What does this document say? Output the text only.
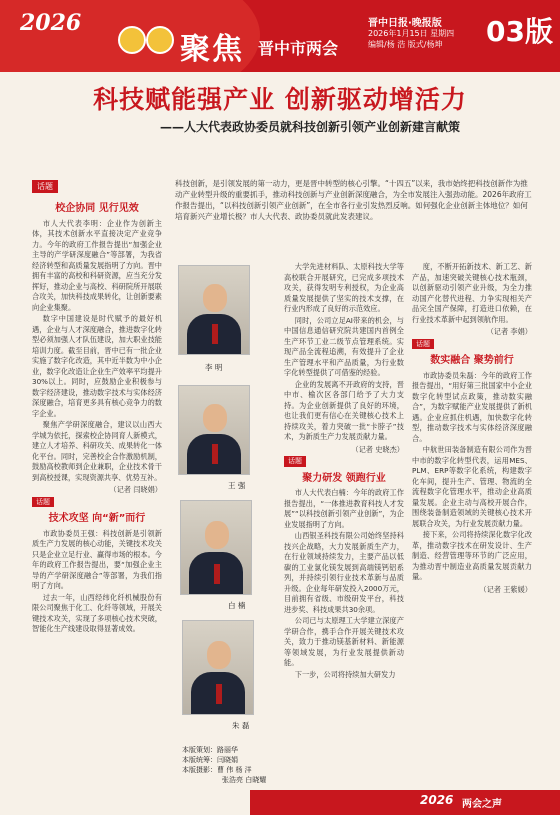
2026
聚焦 晋中市两会
晋中日报·晚报版
2026年1月15日 星期四
编辑/杨 浩 版式/杨坤	03版
科技赋能强产业 创新驱动增活力
——人大代表政协委员就科技创新引领产业创新建言献策
话题	科技创新，是引领发展的第一动力，更是晋中转型的核心引擎。“十四五”以来，我市始终把科技创新作为推动产业转型升级的重要抓手，推动科技创新与产业创新深度融合，为全市发展注入强劲动能。2026年政府工作报告提出，“以科技创新引领产业创新”，在全市各行业引发热烈反响。如何强化企业创新主体地位？如何培育新兴产业增长极？市人大代表、政协委员就此发表建议。
校企协同 见行见效

市人大代表李明：企业作为创新主体，其技术创新水平直接决定产业竞争力。今年的政府工作报告提出“加强企业主导的产学研深度融合”等部署，为我省经济转型和高质量发展指明了方向。晋中拥有丰富的高校和科研资源，应当充分发挥好，推动企业与高校、科研院所开展联合攻关，加快科技成果转化，让创新要素向企业集聚。

数字中国建设是时代赋予的最好机遇，企业与人才深度融合，推进数字化转型必须加强人才队伍建设，加大职业技能培训力度。截至目前，晋中已有一批企业实施了数字化改造，其中近半数为中小企业，数字化改造让企业生产效率平均提升30%以上。同时，应鼓励企业积极参与数字经济建设，推动数字技术与实体经济深度融合，培育更多具有核心竞争力的数字企业。

聚焦产学研深度融合，建议以山西大学城为依托，探索校企协同育人新模式，建立人才培养、科研攻关、成果转化一体化平台。同时，完善校企合作激励机制，鼓励高校教师到企业兼职，企业技术骨干到高校授课，实现资源共享、优势互补。

（记者 闫晓娟）

话题
技术攻坚 向“新”而行

市政协委员王强：科技创新是引领新质生产力发展的核心动能，关键技术攻关只是企业立足行业、赢得市场的根本。今年的政府工作报告提出，要“加强企业主导的产学研深度融合”等部署，为我们指明了方向。

过去一年，山西经纬化纤机械股份有限公司聚焦于化工、化纤等领域，开展关键技术攻关，实现了多项核心技术突破，智能化生产线建设取得显著成效。

李 明
王 强
白 楠
朱 磊
本版策划：路丽华
本版统筹：闫晓娟
本版摄影：曹 伟 杨 洋
张浩亮 白晓耀

大学先进材料队、太原科技大学等高校联合开展研究，已完成多项技术攻关，获得发明专利授权，为企业高质量发展提供了坚实的技术支撑，在行业内形成了良好的示范效应。

同时，公司立足AI带来的机会，与中国信息通信研究院共建国内首例全生产环节工业二级节点管理系统。实现产品全流程追溯，有效提升了企业生产管理水平和产品质量，为行业数字化转型提供了可借鉴的经验。

企业的发展离不开政府的支持，晋中市、榆次区各部门给予了大力支持。为企业创新提供了良好的环境，也让我们更有信心在关键核心技术上持续攻关，着力突破一批“卡脖子”技术，为新质生产力发展贡献力量。

（记者 史晓杰）

话题
聚力研发 领跑行业

市人大代表白楠：今年的政府工作报告提出，“一体推进教育科技人才发展”“以科技创新引领产业创新”，为企业发展指明了方向。

山西银圣科技有限公司始终坚持科技兴企战略，大力发展新质生产力，在行业领域持续发力，主要产品以低碳的工业氯化镁发展到高端镁钙铝系列，并持续引领行业技术革新与品质升级。企业每年研发投入2000万元，目前拥有省级、市级研发平台，科技进步奖、科技成果共30余项。

公司已与太原理工大学建立深度产学研合作，携手合作开展关键技术攻关，致力于推动镁基新材料、新能源等领域发展，为行业发展提供新动能。

下一步，公司将持续加大研发力

度，不断开拓新技术、新工艺、新产品，加速突破关键核心技术瓶颈，以创新驱动引领产业升级，为全力推动国产化替代进程、力争实现相关产品完全国产保障，打造进口依赖，在行业技术革新中起到领航作用。

（记者 李娟）

话题
数实融合 聚势前行

市政协委员朱磊：今年的政府工作报告提出，“用好第三批国家中小企业数字化转型试点政策，推动数实融合”，为数字赋能产业发展提供了新机遇。企业应抓住机遇，加快数字化转型，推动数字技术与实体经济深度融合。

中航世田装备制造有限公司作为晋中市的数字化转型代表，运用MES、PLM、ERP等数字化系统，构建数字化车间，提升生产、管理、物流的全流程数字化管理水平，推动企业高质量发展。企业主动与高校开展合作，围绕装备制造领域的关键核心技术开展联合攻关，为行业发展贡献力量。

接下来，公司将持续深化数字化改革，推动数字技术在研发设计、生产制造、经营管理等环节的广泛应用，为推动晋中制造业高质量发展贡献力量。

（记者 王紫媛）

2026 两会之声
